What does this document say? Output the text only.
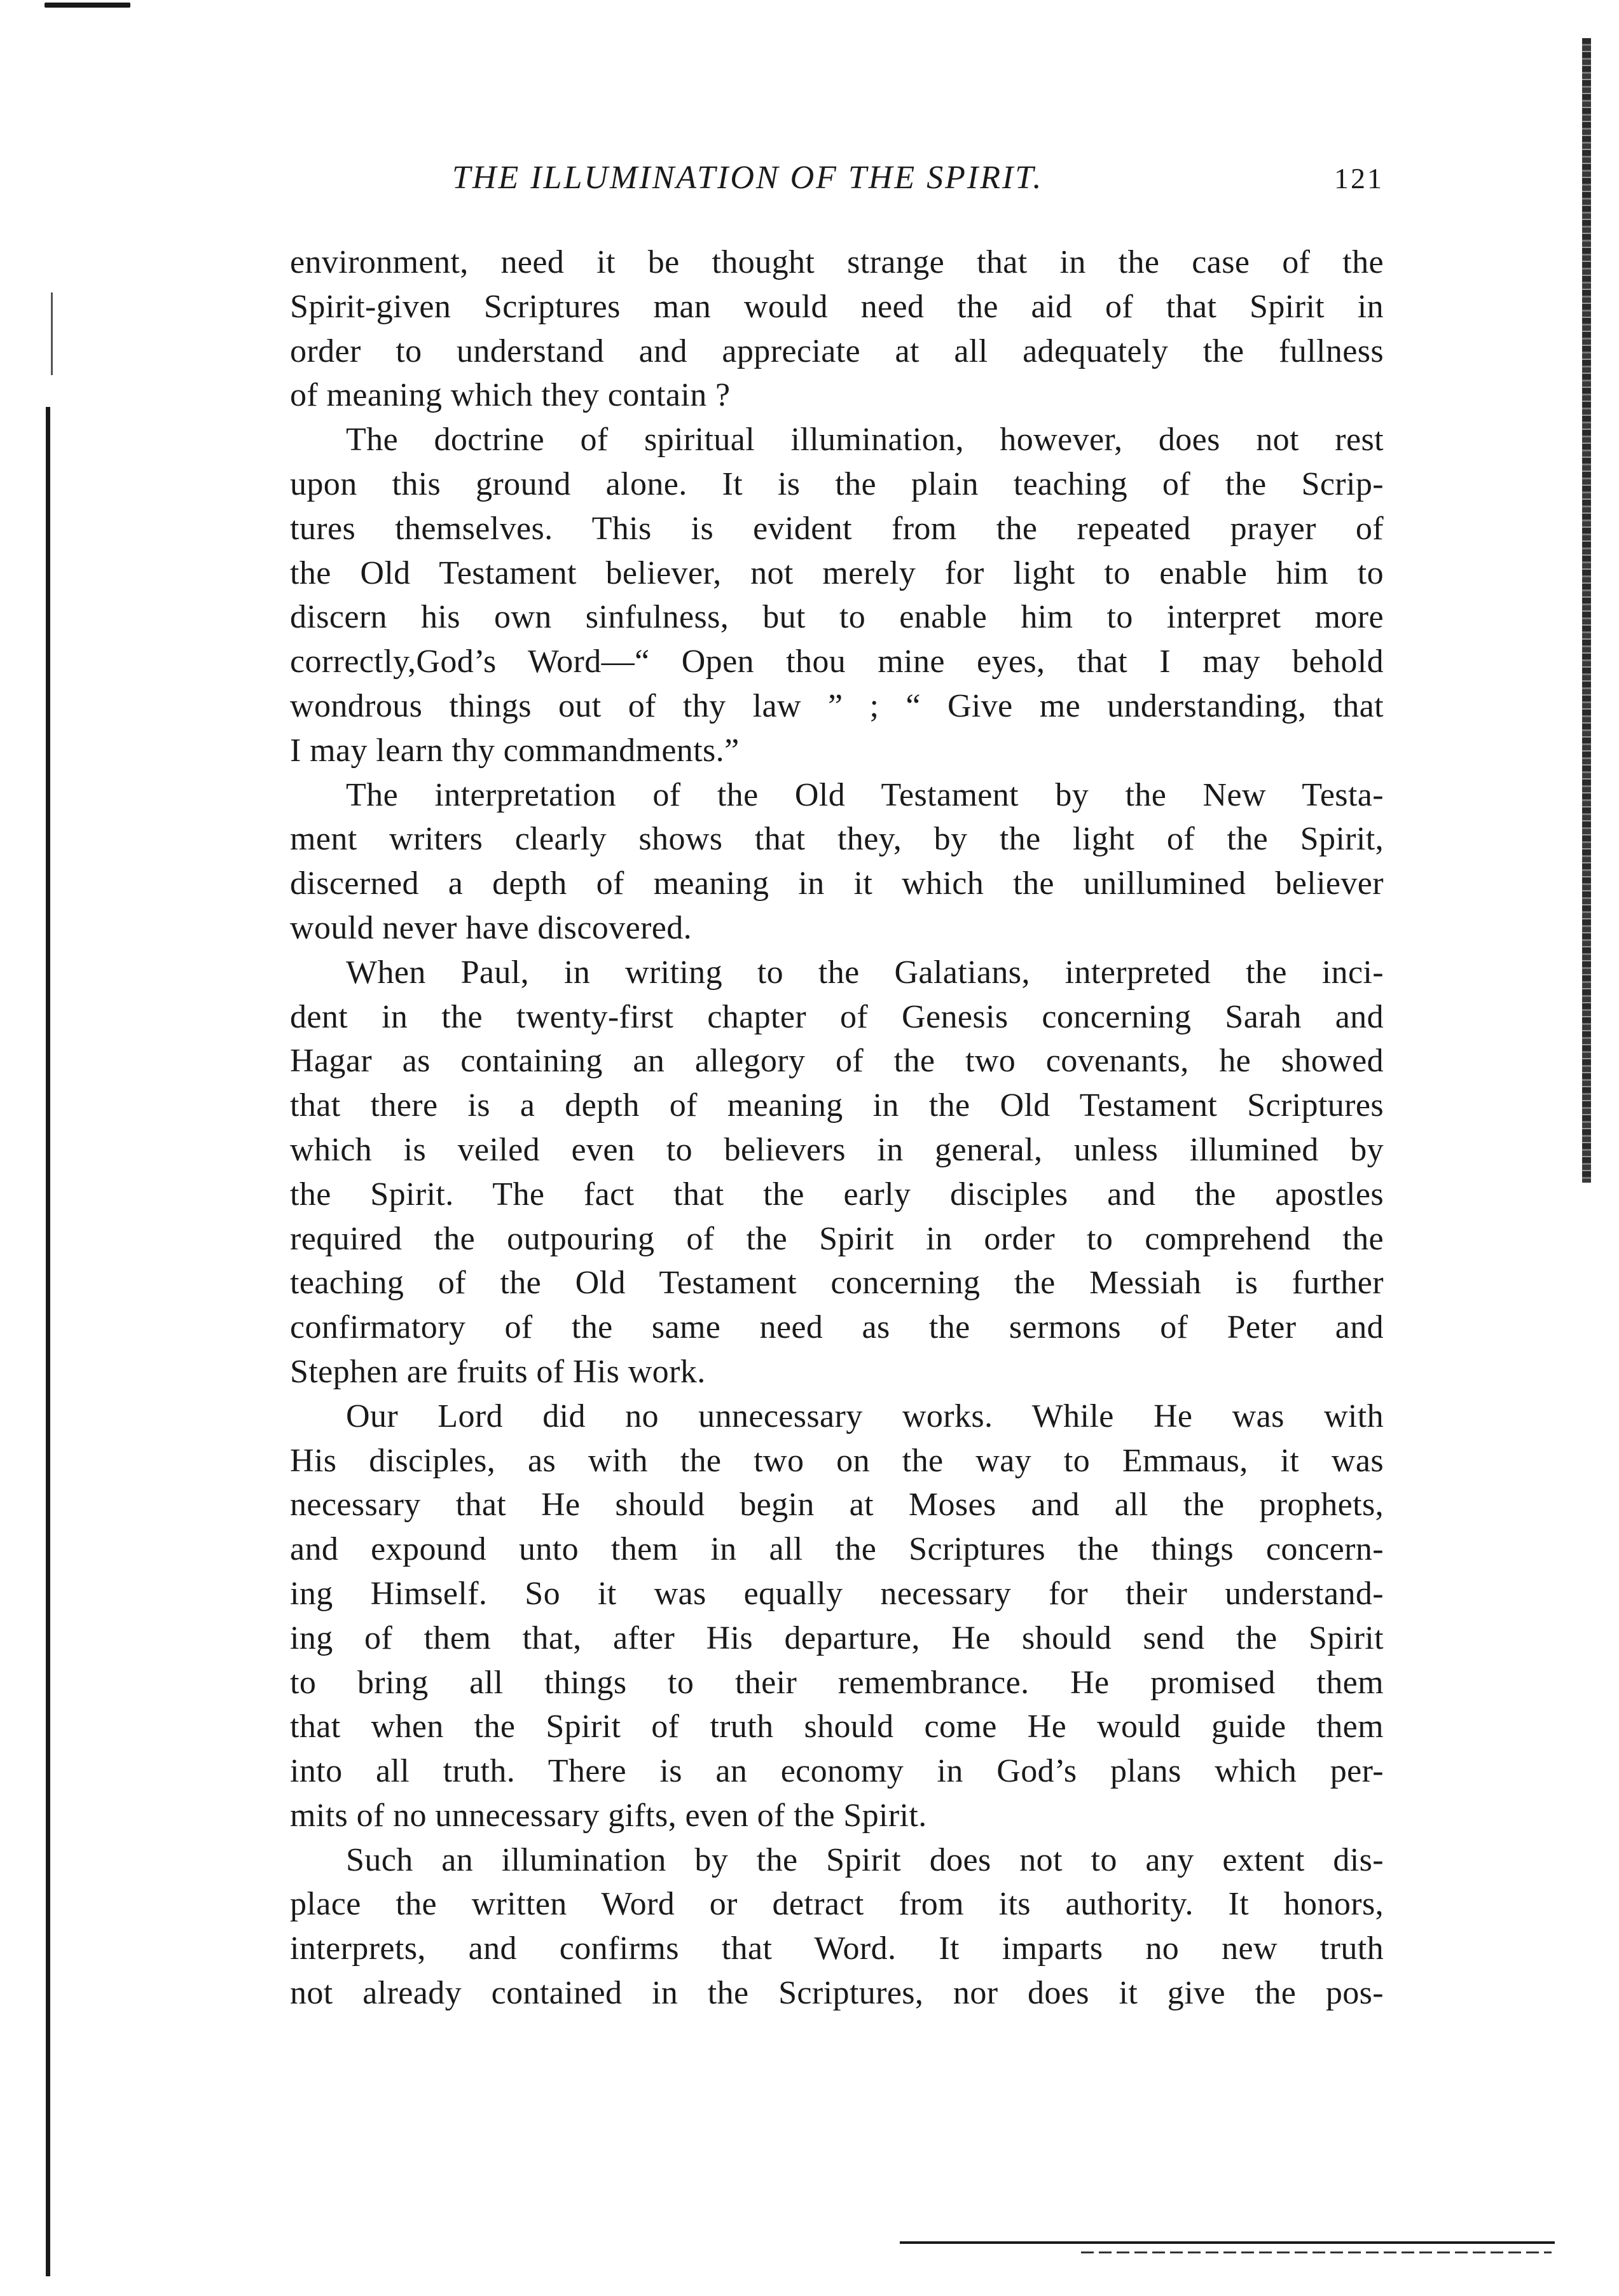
THE ILLUMINATION OF THE SPIRIT.	121
environment, need it be thought strange that in the case of the
Spirit-given Scriptures man would need the aid of that Spirit in
order to understand and appreciate at all adequately the fullness
of meaning which they contain ?
The doctrine of spiritual illumination, however, does not rest
upon this ground alone. It is the plain teaching of the Scrip-
tures themselves. This is evident from the repeated prayer of
the Old Testament believer, not merely for light to enable him to
discern his own sinfulness, but to enable him to interpret more
correctly,God’s Word—“ Open thou mine eyes, that I may behold
wondrous things out of thy law ” ; “ Give me understanding, that
I may learn thy commandments.”
The interpretation of the Old Testament by the New Testa-
ment writers clearly shows that they, by the light of the Spirit,
discerned a depth of meaning in it which the unillumined believer
would never have discovered.
When Paul, in writing to the Galatians, interpreted the inci-
dent in the twenty-first chapter of Genesis concerning Sarah and
Hagar as containing an allegory of the two covenants, he showed
that there is a depth of meaning in the Old Testament Scriptures
which is veiled even to believers in general, unless illumined by
the Spirit. The fact that the early disciples and the apostles
required the outpouring of the Spirit in order to comprehend the
teaching of the Old Testament concerning the Messiah is further
confirmatory of the same need as the sermons of Peter and
Stephen are fruits of His work.
Our Lord did no unnecessary works. While He was with
His disciples, as with the two on the way to Emmaus, it was
necessary that He should begin at Moses and all the prophets,
and expound unto them in all the Scriptures the things concern-
ing Himself. So it was equally necessary for their understand-
ing of them that, after His departure, He should send the Spirit
to bring all things to their remembrance. He promised them
that when the Spirit of truth should come He would guide them
into all truth. There is an economy in God’s plans which per-
mits of no unnecessary gifts, even of the Spirit.
Such an illumination by the Spirit does not to any extent dis-
place the written Word or detract from its authority. It honors,
interprets, and confirms that Word. It imparts no new truth
not already contained in the Scriptures, nor does it give the pos-
